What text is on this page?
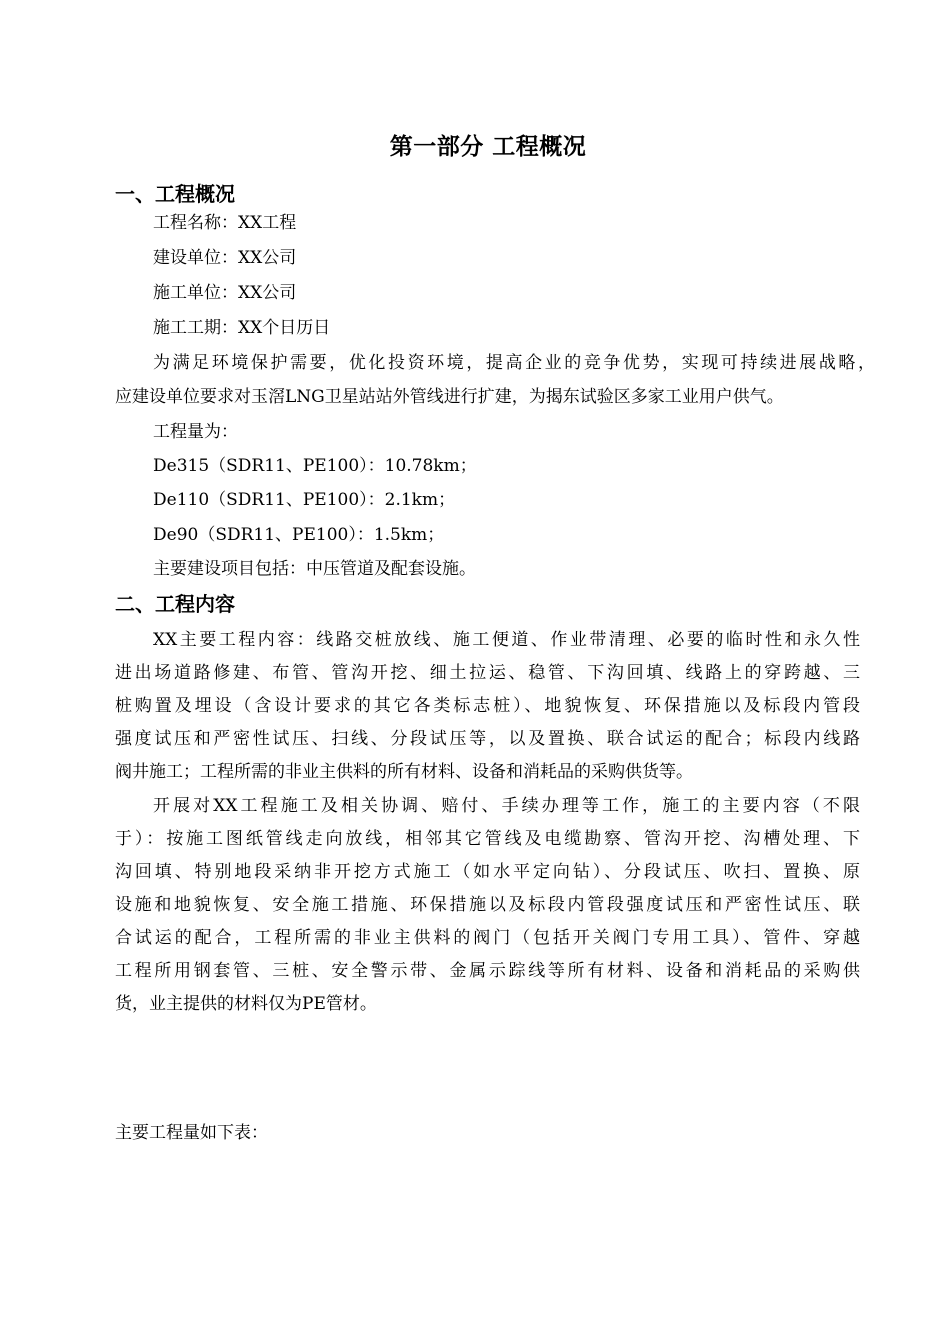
第一部分 工程概况
一、工程概况
工程名称：XX工程
建设单位：XX公司
施工单位：XX公司
施工工期：XX个日历日
为满足环境保护需要，优化投资环境，提高企业的竞争优势，实现可持续进展战略，
应建设单位要求对玉滘LNG卫星站站外管线进行扩建，为揭东试验区多家工业用户供气。
工程量为：
De315（SDR11、PE100）：10.78km；
De110（SDR11、PE100）：2.1km；
De90（SDR11、PE100）：1.5km；
主要建设项目包括：中压管道及配套设施。
二、工程内容
XX主要工程内容：线路交桩放线、施工便道、作业带清理、必要的临时性和永久性
进出场道路修建、布管、管沟开挖、细土拉运、稳管、下沟回填、线路上的穿跨越、三
桩购置及埋设（含设计要求的其它各类标志桩）、地貌恢复、环保措施以及标段内管段
强度试压和严密性试压、扫线、分段试压等，以及置换、联合试运的配合；标段内线路
阀井施工；工程所需的非业主供料的所有材料、设备和消耗品的采购供货等。
开展对XX工程施工及相关协调、赔付、手续办理等工作，施工的主要内容（不限
于）：按施工图纸管线走向放线，相邻其它管线及电缆勘察、管沟开挖、沟槽处理、下
沟回填、特别地段采纳非开挖方式施工（如水平定向钻）、分段试压、吹扫、置换、原
设施和地貌恢复、安全施工措施、环保措施以及标段内管段强度试压和严密性试压、联
合试运的配合，工程所需的非业主供料的阀门（包括开关阀门专用工具）、管件、穿越
工程所用钢套管、三桩、安全警示带、金属示踪线等所有材料、设备和消耗品的采购供
货，业主提供的材料仅为PE管材。
主要工程量如下表：
